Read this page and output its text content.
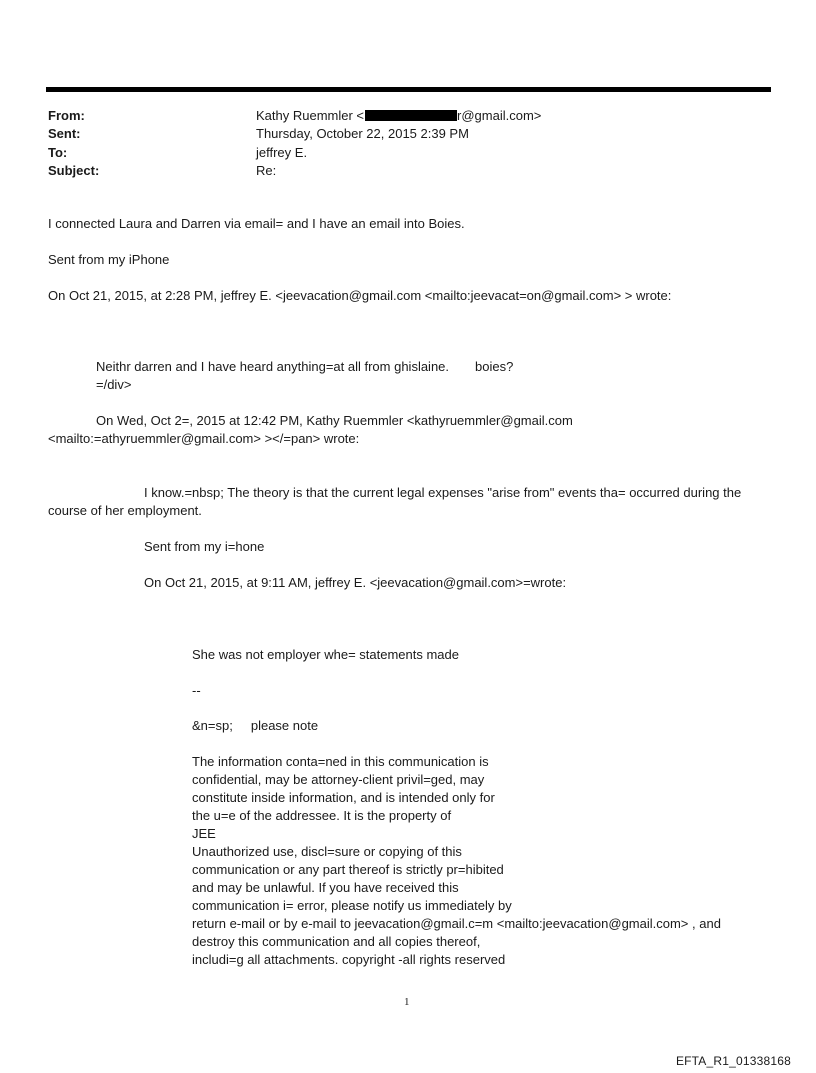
From:	Kathy Ruemmler <	r@gmail.com>
Sent:	Thursday, October 22, 2015 2:39 PM
To:	jeffrey E.
Subject:	Re:
I connected Laura and Darren via email= and I have an email into Boies.
Sent from my iPhone
On Oct 21, 2015, at 2:28 PM, jeffrey E. <jeevacation@gmail.com <mailto:jeevacat=on@gmail.com> > wrote:
Neithr darren and I have heard anything=at all from ghislaine. boies?
=/div>
On Wed, Oct 2=, 2015 at 12:42 PM, Kathy Ruemmler <kathyruemmler@gmail.com
<mailto:=athyruemmler@gmail.com> ></=pan> wrote:
I know.=nbsp; The theory is that the current legal expenses "arise from" events tha= occurred during the
course of her employment.
Sent from my i=hone
On Oct 21, 2015, at 9:11 AM, jeffrey E. <jeevacation@gmail.com>=wrote:
She was not employer whe= statements made
--
&n=sp; please note
The information conta=ned in this communication is
confidential, may be attorney-client privil=ged, may
constitute inside information, and is intended only for
the u=e of the addressee. It is the property of
JEE
Unauthorized use, discl=sure or copying of this
communication or any part thereof is strictly pr=hibited
and may be unlawful. If you have received this
communication i= error, please notify us immediately by
return e-mail or by e-mail to jeevacation@gmail.c=m <mailto:jeevacation@gmail.com> , and
destroy this communication and all copies thereof,
includi=g all attachments. copyright -all rights reserved
1
EFTA_R1_01338168
